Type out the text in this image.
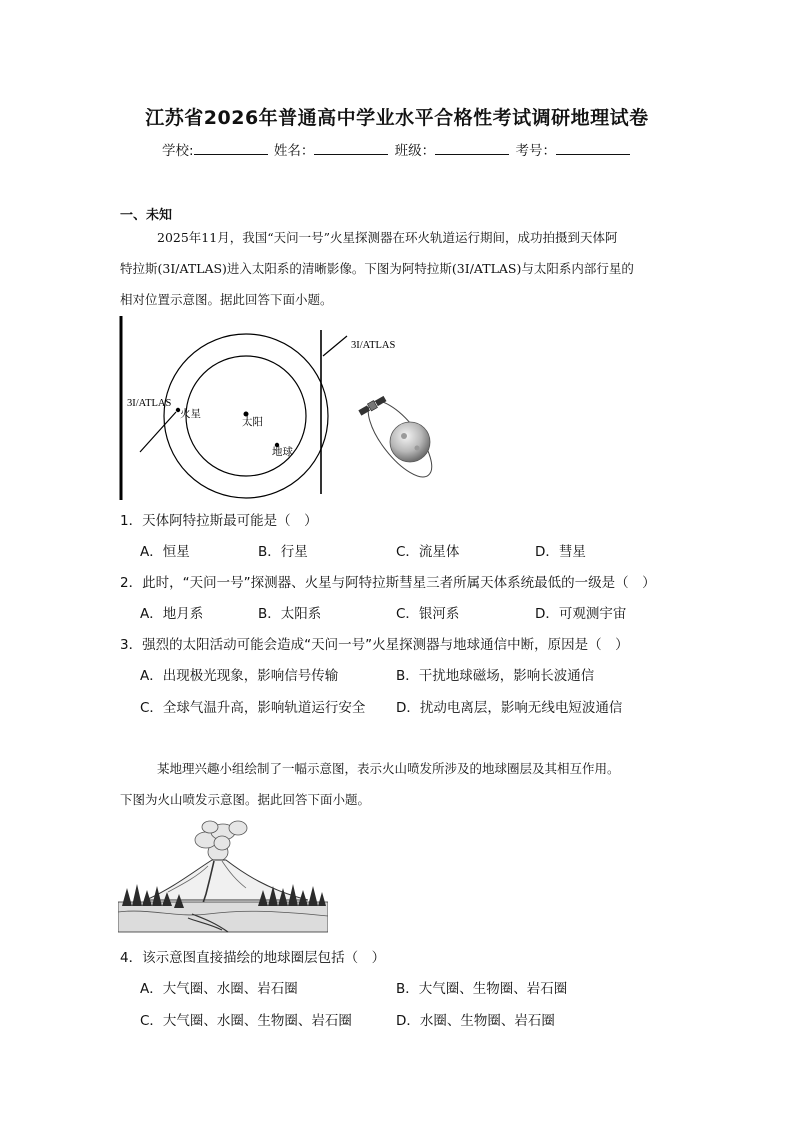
江苏省2026年普通高中学业水平合格性考试调研地理试卷
学校:	姓名：	班级：	考号：
一、未知
2025年11月，我国“天问一号”火星探测器在环火轨道运行期间，成功拍摄到天体阿
特拉斯(3I/ATLAS)进入太阳系的清晰影像。下图为阿特拉斯(3I/ATLAS)与太阳系内部行星的
相对位置示意图。据此回答下面小题。
3I/ATLAS
3I/ATLAS
火星
太阳
地球
1．天体阿特拉斯最可能是（　）
A．恒星	B．行星	C．流星体	D．彗星
2．此时，“天问一号”探测器、火星与阿特拉斯彗星三者所属天体系统最低的一级是（　）
A．地月系	B．太阳系	C．银河系	D．可观测宇宙
3．强烈的太阳活动可能会造成“天问一号”火星探测器与地球通信中断，原因是（　）
A．出现极光现象，影响信号传输	B．干扰地球磁场，影响长波通信
C．全球气温升高，影响轨道运行安全 D．扰动电离层，影响无线电短波通信
某地理兴趣小组绘制了一幅示意图，表示火山喷发所涉及的地球圈层及其相互作用。
下图为火山喷发示意图。据此回答下面小题。
4．该示意图直接描绘的地球圈层包括（　）
A．大气圈、水圈、岩石圈	B．大气圈、生物圈、岩石圈
C．大气圈、水圈、生物圈、岩石圈	D．水圈、生物圈、岩石圈
